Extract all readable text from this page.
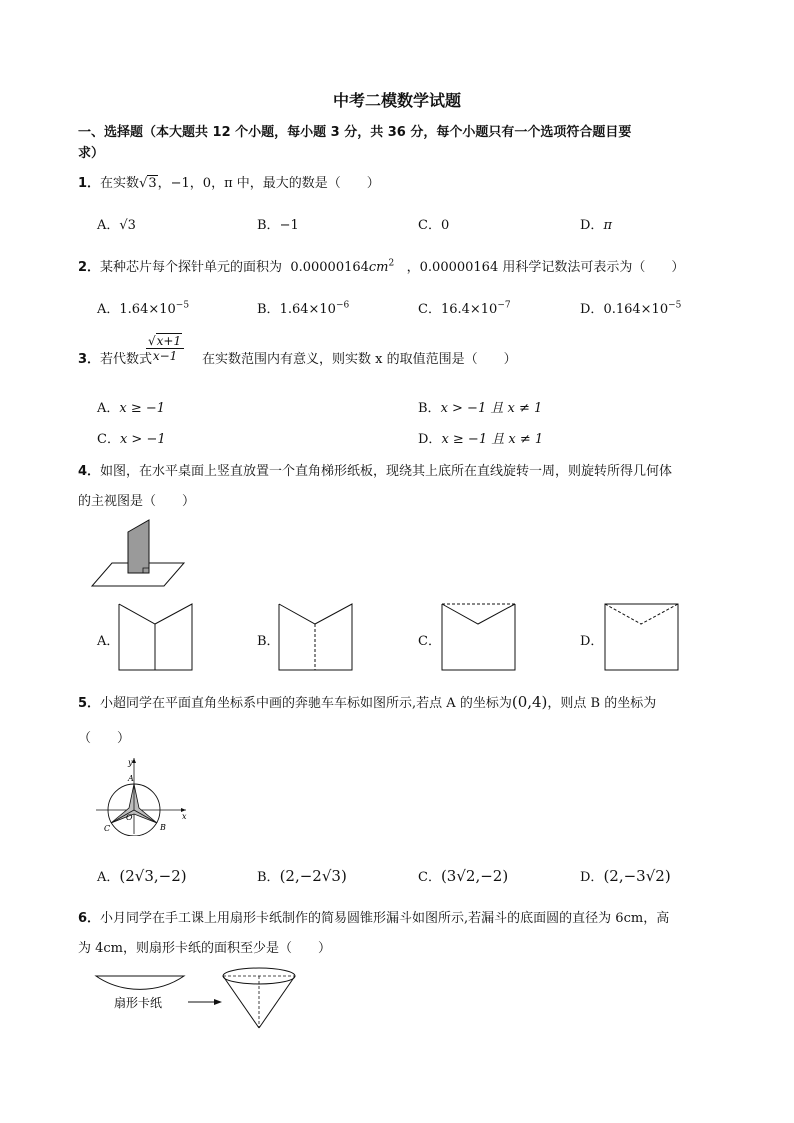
中考二模数学试题
一、选择题（本大题共 12 个小题，每小题 3 分，共 36 分，每个小题只有一个选项符合题目要
求）
1．在实数√3，−1，0，π 中，最大的数是（　　）
A．√3	B．−1	C．0	D．π
2．某种芯片每个探针单元的面积为 $0.00000164cm^2$ ，0.00000164 用科学记数法可表示为（　　）
A．$1.64\times 10^{-5}$	B．$1.64\times 10^{-6}$	C．$16.4\times 10^{-7}$	D．$0.164\times 10^{-5}$
3．若代数式
$\frac{√x+1}{x-1}$ 在实数范围内有意义，则实数 x 的取值范围是（　　）
A．x ≥ −1	B．x > −1 且 x ≠ 1
C．x > −1	D．x ≥ −1 且 x ≠ 1
4．如图，在水平桌面上竖直放置一个直角梯形纸板，现绕其上底所在直线旋转一周，则旋转所得几何体
的主视图是（　　）
A．	B．	C．	D．
5．小超同学在平面直角坐标系中画的奔驰车车标如图所示,若点 A 的坐标为(0,4)，则点 B 的坐标为
（　　）
y
A
x
C
O
B
A．(2√3,−2)	B．(2,−2√3)	C．(3√2,−2)	D．(2,−3√2)
6．小月同学在手工课上用扇形卡纸制作的简易圆锥形漏斗如图所示,若漏斗的底面圆的直径为 6cm，高
为 4cm，则扇形卡纸的面积至少是（　　）
扇形卡纸
